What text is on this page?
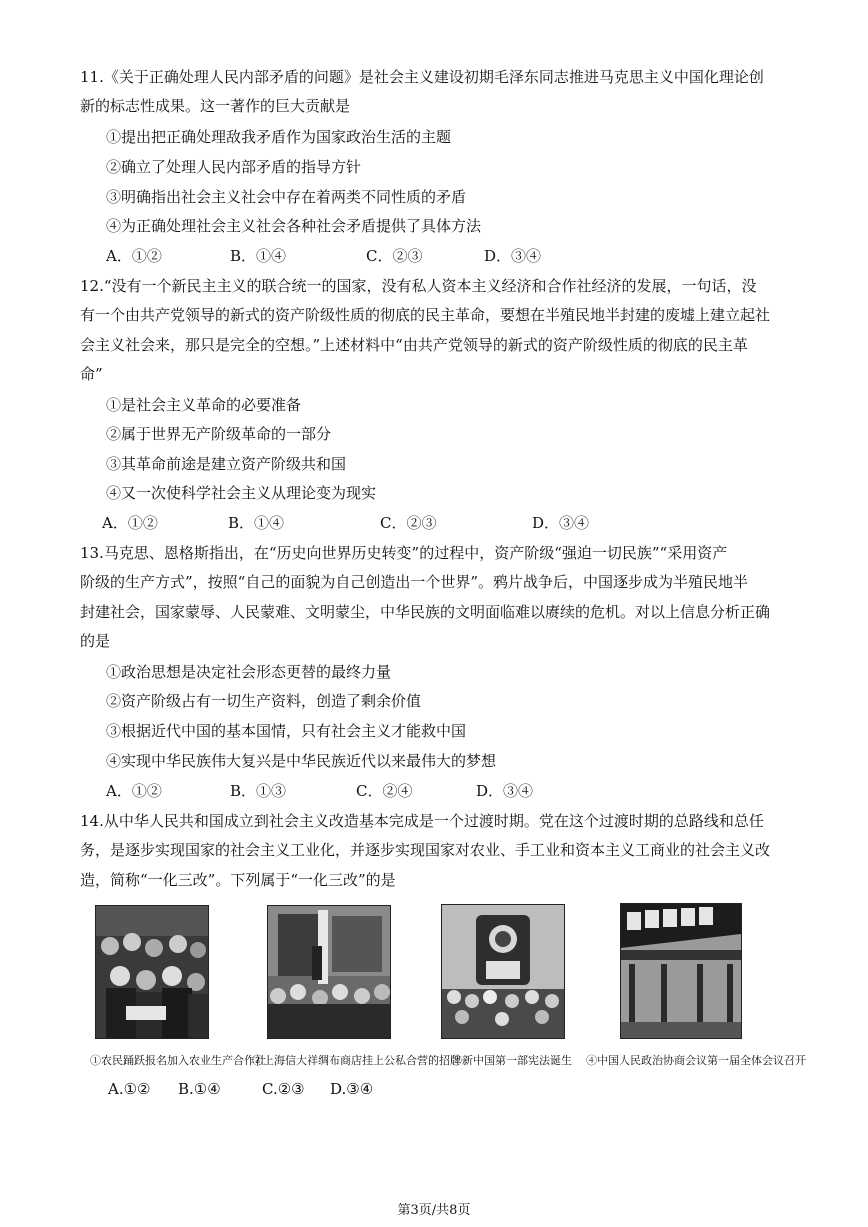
11.《关于正确处理人民内部矛盾的问题》是社会主义建设初期毛泽东同志推进马克思主义中国化理论创
新的标志性成果。这一著作的巨大贡献是
①提出把正确处理敌我矛盾作为国家政治生活的主题
②确立了处理人民内部矛盾的指导方针
③明确指出社会主义社会中存在着两类不同性质的矛盾
④为正确处理社会主义社会各种社会矛盾提供了具体方法
A．①②	B．①④	C．②③	D．③④
12.“没有一个新民主主义的联合统一的国家，没有私人资本主义经济和合作社经济的发展，一句话，没
有一个由共产党领导的新式的资产阶级性质的彻底的民主革命，要想在半殖民地半封建的废墟上建立起社
会主义社会来，那只是完全的空想。”上述材料中“由共产党领导的新式的资产阶级性质的彻底的民主革
命”
①是社会主义革命的必要准备
②属于世界无产阶级革命的一部分
③其革命前途是建立资产阶级共和国
④又一次使科学社会主义从理论变为现实
A．①②	B．①④	C．②③	D．③④
13.马克思、恩格斯指出，在“历史向世界历史转变”的过程中，资产阶级“强迫一切民族”“采用资产
阶级的生产方式”，按照“自己的面貌为自己创造出一个世界”。鸦片战争后，中国逐步成为半殖民地半
封建社会，国家蒙辱、人民蒙难、文明蒙尘，中华民族的文明面临难以赓续的危机。对以上信息分析正确
的是
①政治思想是决定社会形态更替的最终力量
②资产阶级占有一切生产资料，创造了剩余价值
③根据近代中国的基本国情，只有社会主义才能救中国
④实现中华民族伟大复兴是中华民族近代以来最伟大的梦想
A．①②	B．①③	C．②④	D．③④
14.从中华人民共和国成立到社会主义改造基本完成是一个过渡时期。党在这个过渡时期的总路线和总任
务，是逐步实现国家的社会主义工业化，并逐步实现国家对农业、手工业和资本主义工商业的社会主义改
造，简称“一化三改”。下列属于“一化三改”的是
①农民踊跃报名加入农业生产合作社
②上海信大祥绸布商店挂上公私合营的招牌
③新中国第一部宪法诞生 ④中国人民政治协商会议第一届全体会议召开
A.①② B.①④	C.②③ D.③④
第3页/共8页
